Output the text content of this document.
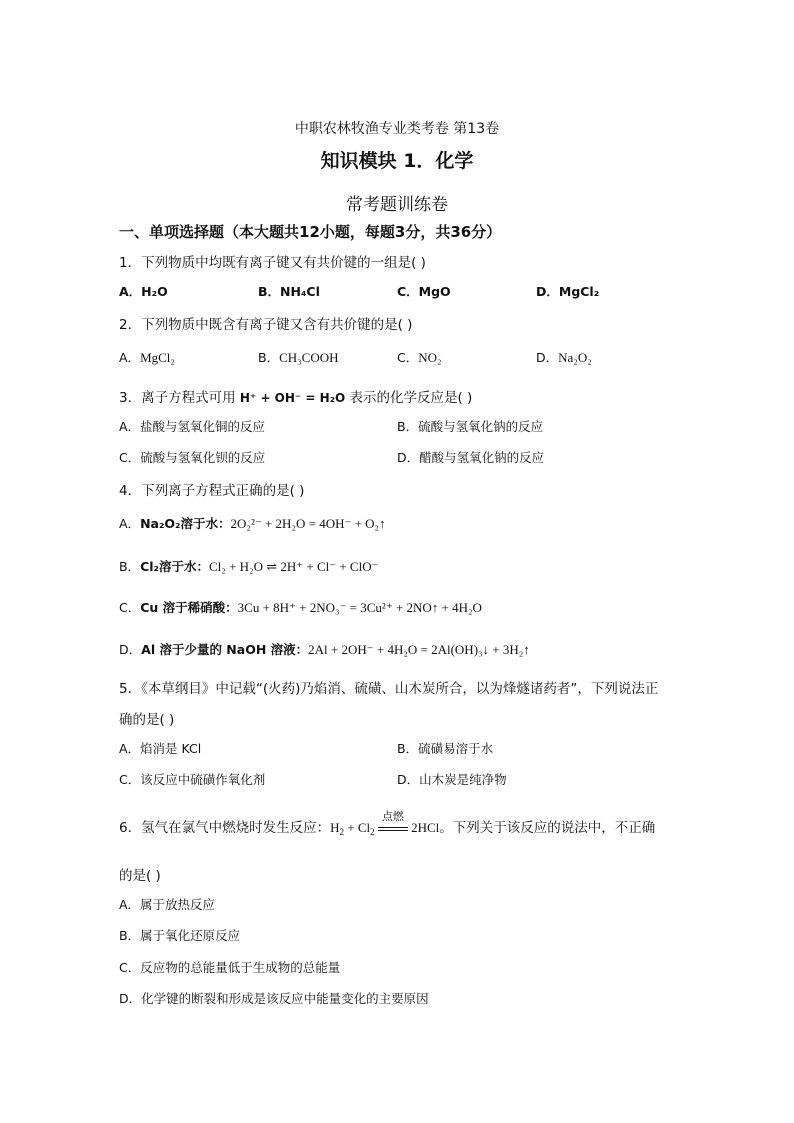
中职农林牧渔专业类考卷 第13卷
知识模块 1．化学
常考题训练卷
一、单项选择题（本大题共12小题，每题3分，共36分）
1．下列物质中均既有离子键又有共价键的一组是( )
A．H₂O	B．NH₄Cl	C．MgO	D．MgCl₂
2．下列物质中既含有离子键又含有共价键的是( )
A．MgCl₂	B．CH₃COOH	C．NO₂	D．Na₂O₂
3．离子方程式可用 H⁺ + OH⁻ = H₂O 表示的化学反应是( )
A．盐酸与氢氧化铜的反应	B．硫酸与氢氧化钠的反应
C．硫酸与氢氧化钡的反应	D．醋酸与氢氧化钠的反应
4．下列离子方程式正确的是( )
A．Na₂O₂溶于水：2O₂²⁻ + 2H₂O = 4OH⁻ + O₂↑
B．Cl₂溶于水：Cl₂ + H₂O ⇌ 2H⁺ + Cl⁻ + ClO⁻
C．Cu 溶于稀硝酸：3Cu + 8H⁺ + 2NO₃⁻ = 3Cu²⁺ + 2NO↑ + 4H₂O
D．Al 溶于少量的 NaOH 溶液：2Al + 2OH⁻ + 4H₂O = 2Al(OH)₃↓ + 3H₂↑
5．《本草纲目》中记载“(火药)乃焰消、硫磺、山木炭所合，以为烽燧诸药者”，下列说法正
确的是( )
A．焰消是 KCl	B．硫磺易溶于水
C．该反应中硫磺作氧化剂	D．山木炭是纯净物
6．氢气在氯气中燃烧时发生反应：$H_2 + Cl_2$
点燃
2HCl。下列关于该反应的说法中，不正确
的是( )
A．属于放热反应
B．属于氧化还原反应
C．反应物的总能量低于生成物的总能量
D．化学键的断裂和形成是该反应中能量变化的主要原因
